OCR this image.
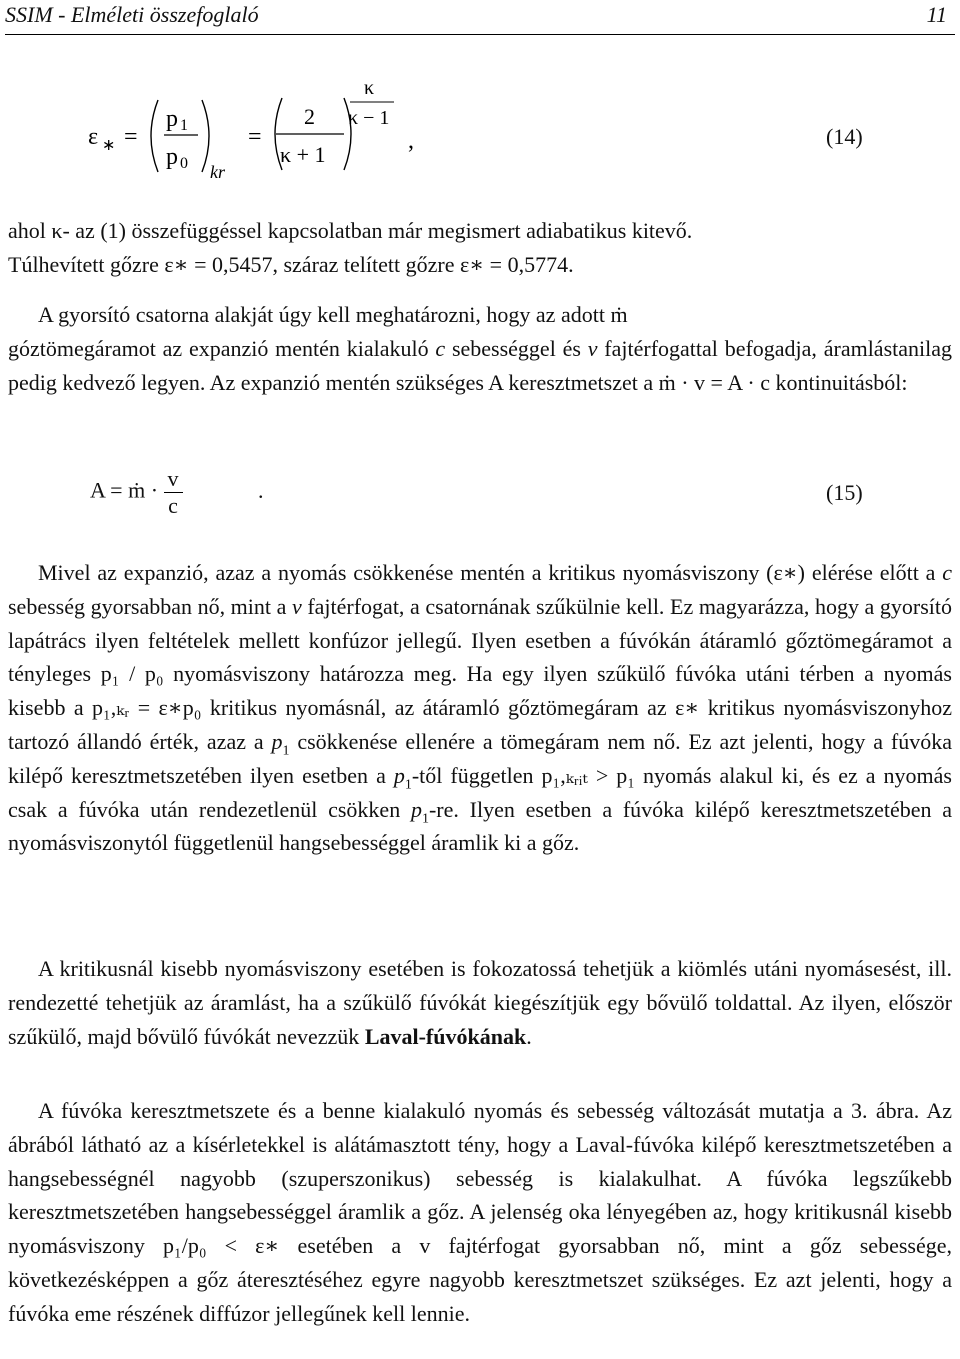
SSIM - Elméleti összefoglaló	11
ε ∗ =
p 1
p 0 kr
=
2
κ + 1
κ
κ − 1
,	(14)
ahol κ- az (1) összefüggéssel kapcsolatban már megismert adiabatikus kitevő.
Túlhevített gőzre ε∗ = 0,5457, száraz telített gőzre ε∗ = 0,5774.
A gyorsító csatorna alakját úgy kell meghatározni, hogy az adott ṁ
góztömegáramot az expanzió mentén kialakuló c sebességgel és v fajtérfogattal befogadja, áramlástanilag pedig kedvező legyen. Az expanzió mentén szükséges A keresztmetszet a ṁ · v = A · c kontinuitásból:
A = ṁ · $\frac{v}{c}$	.	(15)
Mivel az expanzió, azaz a nyomás csökkenése mentén a kritikus nyomásviszony (ε∗) elérése előtt a c sebesség gyorsabban nő, mint a v fajtérfogat, a csatornának szűkülnie kell. Ez magyarázza, hogy a gyorsító lapátrács ilyen feltételek mellett konfúzor jellegű. Ilyen esetben a fúvókán átáramló gőztömegáramot a tényleges p₁ / p₀ nyomásviszony határozza meg. Ha egy ilyen szűkülő fúvóka utáni térben a nyomás kisebb a p₁,ₖᵣ = ε∗p₀ kritikus nyomásnál, az átáramló gőztömegáram az ε∗ kritikus nyomásviszonyhoz tartozó állandó érték, azaz a $p_1$ csökkenése ellenére a tömegáram nem nő. Ez azt jelenti, hogy a fúvóka kilépő keresztmetszetében ilyen esetben a $p_1$-től független p₁,ₖᵣᵢₜ > p₁ nyomás alakul ki, és ez a nyomás csak a fúvóka után rendezetlenül csökken $p_1-re$. Ilyen esetben a fúvóka kilépő keresztmetszetében a nyomásviszonytól függetlenül hangsebességgel áramlik ki a gőz.
A kritikusnál kisebb nyomásviszony esetében is fokozatossá tehetjük a kiömlés utáni nyomásesést, ill. rendezetté tehetjük az áramlást, ha a szűkülő fúvókát kiegészítjük egy bővülő toldattal. Az ilyen, először szűkülő, majd bővülő fúvókát nevezzük Laval-fúvókának.
A fúvóka keresztmetszete és a benne kialakuló nyomás és sebesség változását mutatja a 3. ábra. Az ábrából látható az a kísérletekkel is alátámasztott tény, hogy a Laval-fúvóka kilépő keresztmetszetében a hangsebességnél nagyobb (szuperszonikus) sebesség is kialakulhat. A fúvóka legszűkebb keresztmetszetében hangsebességgel áramlik a gőz. A jelenség oka lényegében az, hogy kritikusnál kisebb nyomásviszony p₁/p₀ < ε∗ esetében a v fajtérfogat gyorsabban nő, mint a gőz sebessége, következésképpen a gőz áteresztéséhez egyre nagyobb keresztmetszet szükséges. Ez azt jelenti, hogy a fúvóka eme részének diffúzor jellegűnek kell lennie.
